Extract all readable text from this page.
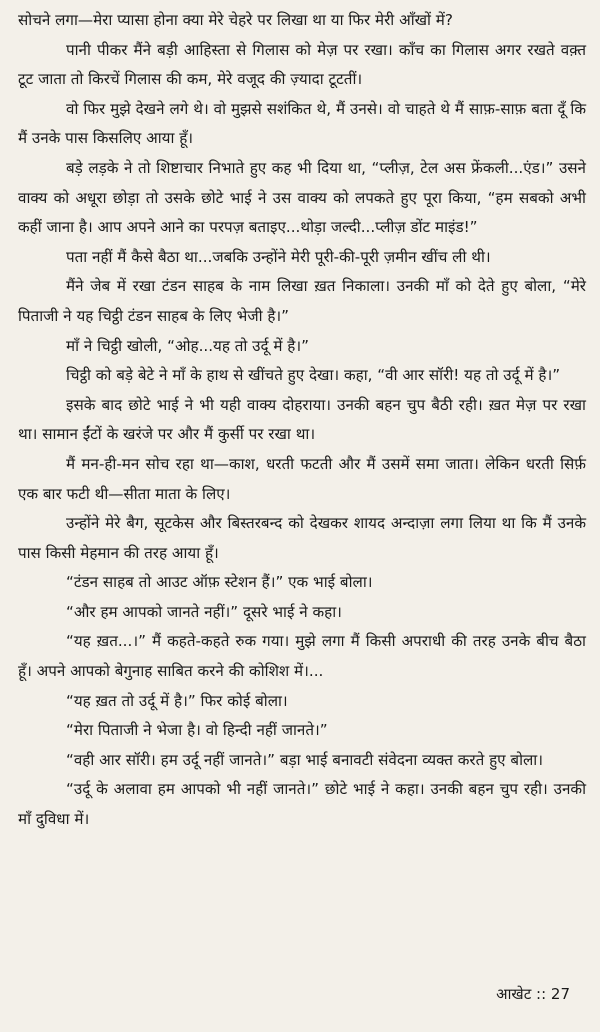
सोचने लगा—मेरा प्यासा होना क्या मेरे चेहरे पर लिखा था या फिर मेरी आँखों में?

पानी पीकर मैंने बड़ी आहिस्ता से गिलास को मेज़ पर रखा। काँच का गिलास अगर रखते वक़्त टूट जाता तो किरचें गिलास की कम, मेरे वजूद की ज़्यादा टूटतीं।

वो फिर मुझे देखने लगे थे। वो मुझसे सशंकित थे, मैं उनसे। वो चाहते थे मैं साफ़-साफ़ बता दूँ कि मैं उनके पास किसलिए आया हूँ।

बड़े लड़के ने तो शिष्टाचार निभाते हुए कह भी दिया था, “प्लीज़, टेल अस फ्रेंकली...एंड।” उसने वाक्य को अधूरा छोड़ा तो उसके छोटे भाई ने उस वाक्य को लपकते हुए पूरा किया, “हम सबको अभी कहीं जाना है। आप अपने आने का परपज़ बताइए...थोड़ा जल्दी...प्लीज़ डोंट माइंड!”

पता नहीं मैं कैसे बैठा था...जबकि उन्होंने मेरी पूरी-की-पूरी ज़मीन खींच ली थी।

मैंने जेब में रखा टंडन साहब के नाम लिखा ख़त निकाला। उनकी माँ को देते हुए बोला, “मेरे पिताजी ने यह चिट्ठी टंडन साहब के लिए भेजी है।”

माँ ने चिट्ठी खोली, “ओह...यह तो उर्दू में है।”

चिट्ठी को बड़े बेटे ने माँ के हाथ से खींचते हुए देखा। कहा, “वी आर सॉरी! यह तो उर्दू में है।”

इसके बाद छोटे भाई ने भी यही वाक्य दोहराया। उनकी बहन चुप बैठी रही। ख़त मेज़ पर रखा था। सामान ईंटों के खरंजे पर और मैं कुर्सी पर रखा था।

मैं मन-ही-मन सोच रहा था—काश, धरती फटती और मैं उसमें समा जाता। लेकिन धरती सिर्फ़ एक बार फटी थी—सीता माता के लिए।

उन्होंने मेरे बैग, सूटकेस और बिस्तरबन्द को देखकर शायद अन्दाज़ा लगा लिया था कि मैं उनके पास किसी मेहमान की तरह आया हूँ।

“टंडन साहब तो आउट ऑफ़ स्टेशन हैं।” एक भाई बोला।

“और हम आपको जानते नहीं।” दूसरे भाई ने कहा।

“यह ख़त...।” मैं कहते-कहते रुक गया। मुझे लगा मैं किसी अपराधी की तरह उनके बीच बैठा हूँ। अपने आपको बेगुनाह साबित करने की कोशिश में।...

“यह ख़त तो उर्दू में है।” फिर कोई बोला।

“मेरा पिताजी ने भेजा है। वो हिन्दी नहीं जानते।”

“वही आर सॉरी। हम उर्दू नहीं जानते।” बड़ा भाई बनावटी संवेदना व्यक्त करते हुए बोला।

“उर्दू के अलावा हम आपको भी नहीं जानते।” छोटे भाई ने कहा। उनकी बहन चुप रही। उनकी माँ दुविधा में।

आखेट :: 27
